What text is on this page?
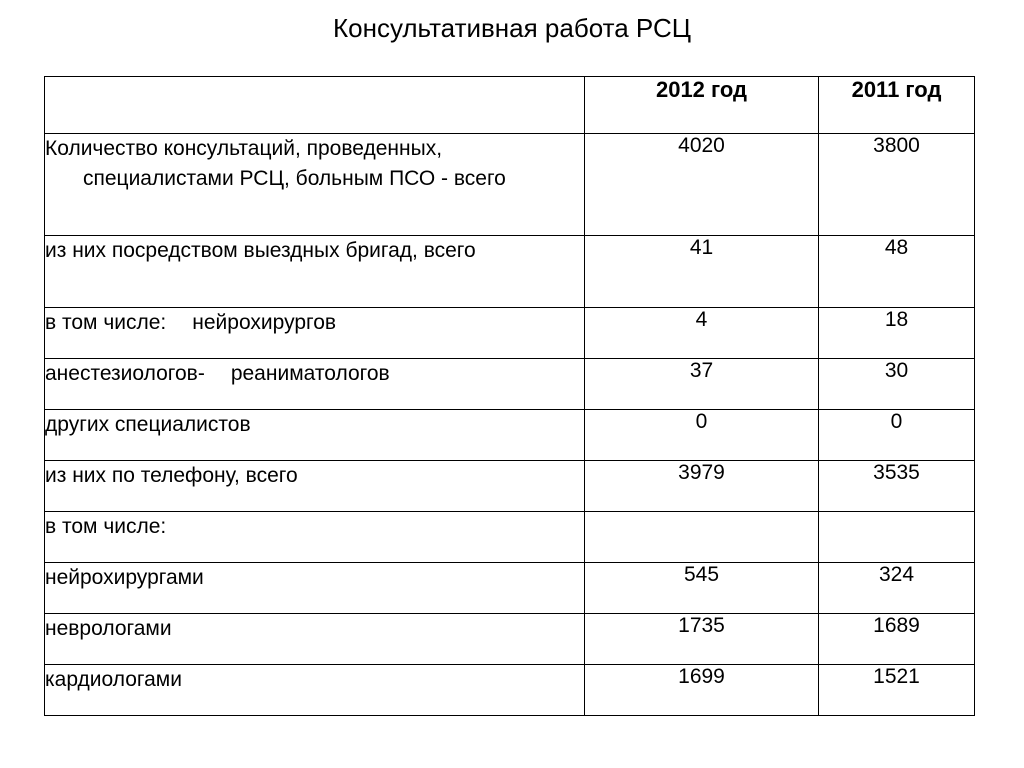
Консультативная работа РСЦ
	2012 год	2011 год

Количество консультаций, проведенных, специалистами РСЦ, больным ПСО - всего	4020	3800

из них посредством выездных бригад, всего	41	48
в том числе: нейрохирургов	4	18
анестезиологов- реаниматологов	37	30
других специалистов	0	0
из них по телефону, всего	3979	3535
в том числе:		
нейрохирургами	545	324
неврологами	1735	1689
кардиологами	1699	1521
